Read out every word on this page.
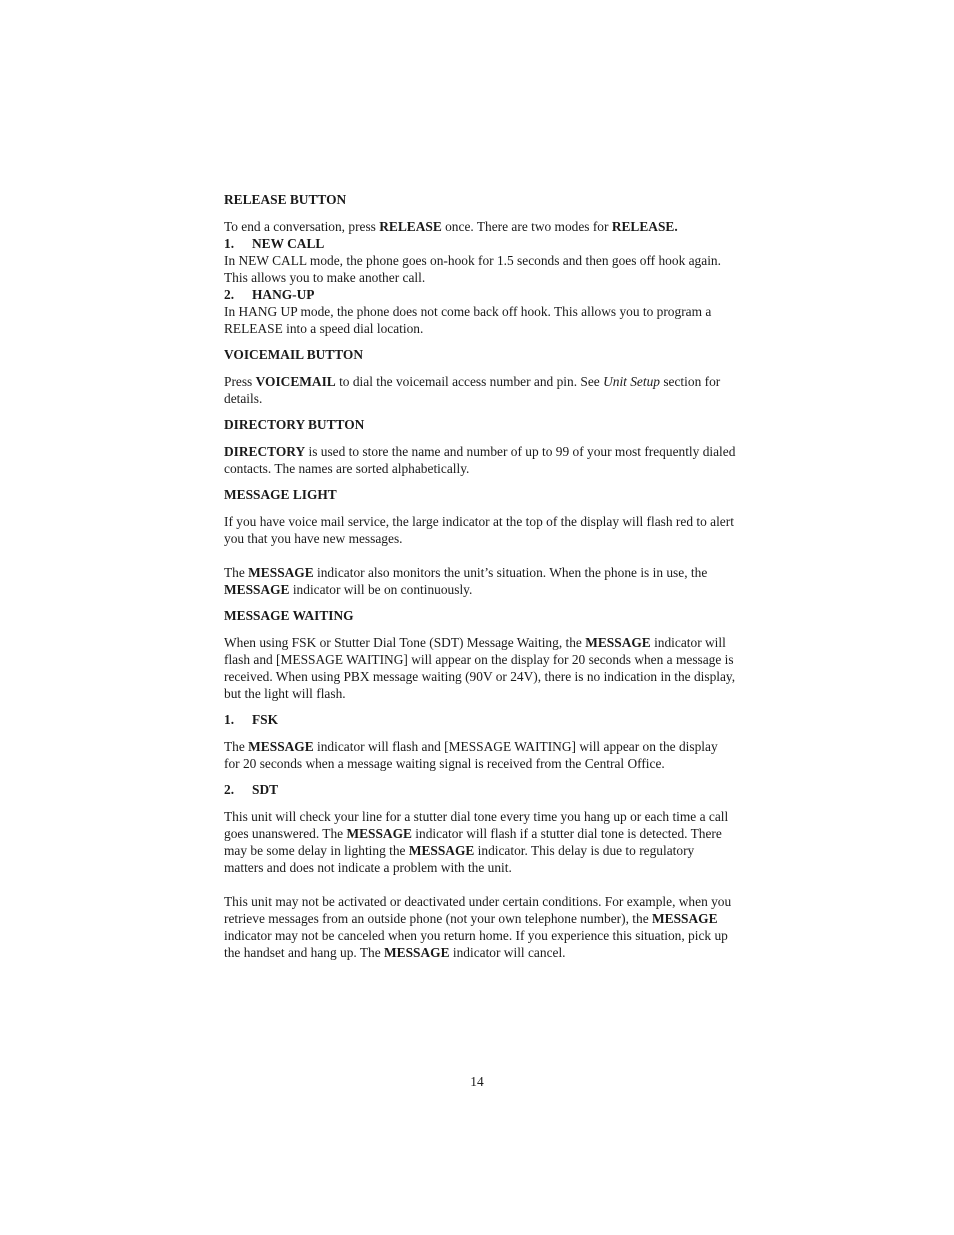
RELEASE BUTTON

To end a conversation, press RELEASE once. There are two modes for RELEASE.

1. NEW CALL

In NEW CALL mode, the phone goes on-hook for 1.5 seconds and then goes off hook again. This allows you to make another call.

2. HANG-UP

In HANG UP mode, the phone does not come back off hook. This allows you to program a RELEASE into a speed dial location.

VOICEMAIL BUTTON

Press VOICEMAIL to dial the voicemail access number and pin. See Unit Setup section for details.

DIRECTORY BUTTON

DIRECTORY is used to store the name and number of up to 99 of your most frequently dialed contacts. The names are sorted alphabetically.

MESSAGE LIGHT

If you have voice mail service, the large indicator at the top of the display will flash red to alert you that you have new messages.

The MESSAGE indicator also monitors the unit’s situation. When the phone is in use, the MESSAGE indicator will be on continuously.

MESSAGE WAITING

When using FSK or Stutter Dial Tone (SDT) Message Waiting, the MESSAGE indicator will flash and [MESSAGE WAITING] will appear on the display for 20 seconds when a message is received. When using PBX message waiting (90V or 24V), there is no indication in the display, but the light will flash.

1. FSK

The MESSAGE indicator will flash and [MESSAGE WAITING] will appear on the display for 20 seconds when a message waiting signal is received from the Central Office.

2. SDT

This unit will check your line for a stutter dial tone every time you hang up or each time a call goes unanswered. The MESSAGE indicator will flash if a stutter dial tone is detected. There may be some delay in lighting the MESSAGE indicator. This delay is due to regulatory matters and does not indicate a problem with the unit.

This unit may not be activated or deactivated under certain conditions. For example, when you retrieve messages from an outside phone (not your own telephone number), the MESSAGE indicator may not be canceled when you return home. If you experience this situation, pick up the handset and hang up. The MESSAGE indicator will cancel.

14
